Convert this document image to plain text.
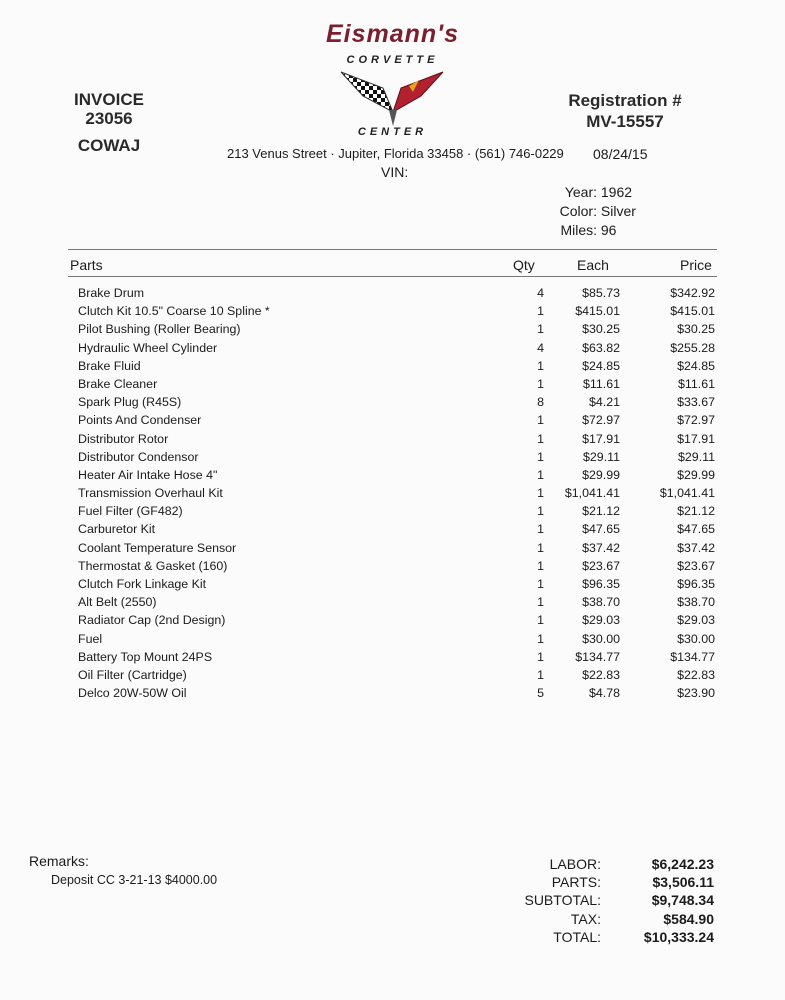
Eismann's
CORVETTE
CENTER
INVOICE
23056
COWAJ
Registration #
MV-15557
213 Venus Street · Jupiter, Florida 33458 · (561) 746-0229 08/24/15
VIN:
Year: 1962
Color: Silver
Miles: 96
Parts	Qty	Each	Price
Brake Drum	4	$85.73	$342.92
Clutch Kit 10.5" Coarse 10 Spline *	1	$415.01	$415.01
Pilot Bushing (Roller Bearing)	1	$30.25	$30.25
Hydraulic Wheel Cylinder	4	$63.82	$255.28
Brake Fluid	1	$24.85	$24.85
Brake Cleaner	1	$11.61	$11.61
Spark Plug (R45S)	8	$4.21	$33.67
Points And Condenser	1	$72.97	$72.97
Distributor Rotor	1	$17.91	$17.91
Distributor Condensor	1	$29.11	$29.11
Heater Air Intake Hose 4"	1	$29.99	$29.99
Transmission Overhaul Kit	1 $1,041.41	$1,041.41
Fuel Filter (GF482)	1	$21.12	$21.12
Carburetor Kit	1	$47.65	$47.65
Coolant Temperature Sensor	1	$37.42	$37.42
Thermostat & Gasket (160)	1	$23.67	$23.67
Clutch Fork Linkage Kit	1	$96.35	$96.35
Alt Belt (2550)	1	$38.70	$38.70
Radiator Cap (2nd Design)	1	$29.03	$29.03
Fuel	1	$30.00	$30.00
Battery Top Mount 24PS	1	$134.77	$134.77
Oil Filter (Cartridge)	1	$22.83	$22.83
Delco 20W-50W Oil	5	$4.78	$23.90
Remarks:
Deposit CC 3-21-13 $4000.00
LABOR:	$6,242.23
PARTS:	$3,506.11
SUBTOTAL:	$9,748.34
TAX:	$584.90
TOTAL:	$10,333.24
